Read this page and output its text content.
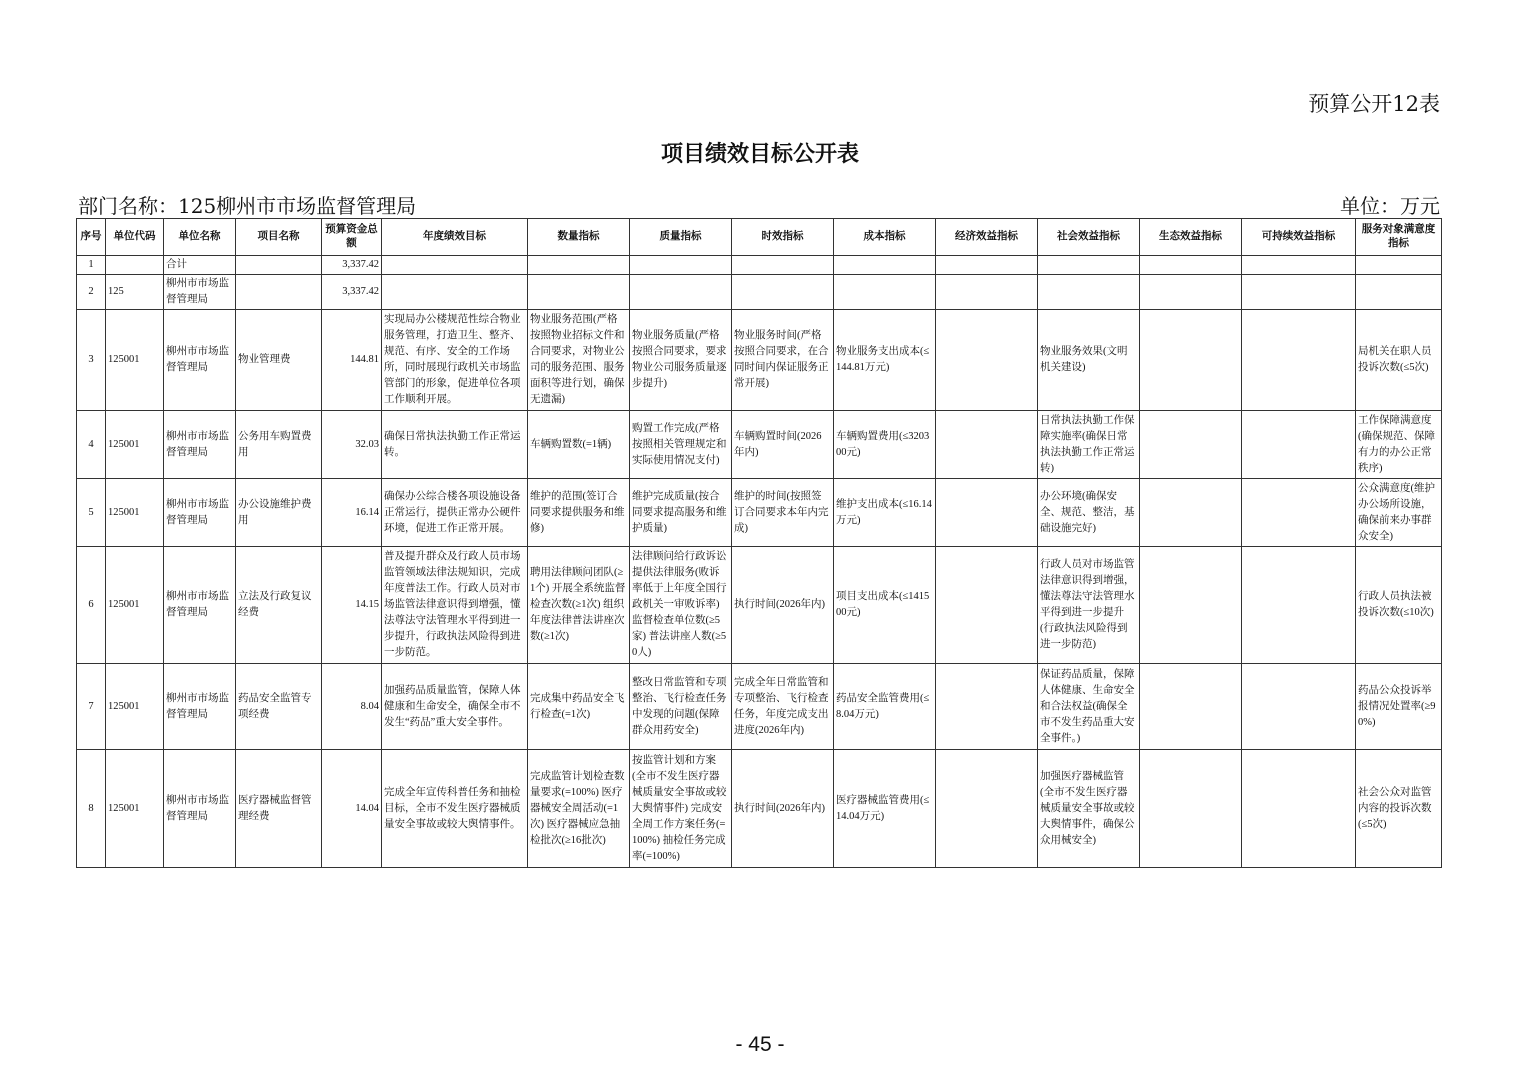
预算公开12表
项目绩效目标公开表
部门名称：125柳州市市场监督管理局	单位：万元
序号	单位代码	单位名称	项目名称	预算资金总额	年度绩效目标	数量指标	质量指标	时效指标	成本指标	经济效益指标	社会效益指标	生态效益指标	可持续效益指标	服务对象满意度指标
1		合计		3,337.42										
2	125	柳州市市场监督管理局		3,337.42										
3	125001	柳州市市场监督管理局	物业管理费	144.81	实现局办公楼规范性综合物业服务管理，打造卫生、整齐、规范、有序、安全的工作场所，同时展现行政机关市场监管部门的形象，促进单位各项工作顺利开展。	物业服务范围(严格按照物业招标文件和合同要求，对物业公司的服务范围、服务面积等进行划，确保无遗漏)	物业服务质量(严格按照合同要求，要求物业公司服务质量逐步提升)	物业服务时间(严格按照合同要求，在合同时间内保证服务正常开展)	物业服务支出成本(≤144.81万元)		物业服务效果(文明机关建设)			局机关在职人员投诉次数(≤5次)
4	125001	柳州市市场监督管理局	公务用车购置费用	32.03	确保日常执法执勤工作正常运转。	车辆购置数(=1辆)	购置工作完成(严格按照相关管理规定和实际使用情况支付)	车辆购置时间(2026年内)	车辆购置费用(≤320300元)		日常执法执勤工作保障实施率(确保日常执法执勤工作正常运转)			工作保障满意度(确保规范、保障有力的办公正常秩序)
5	125001	柳州市市场监督管理局	办公设施维护费用	16.14	确保办公综合楼各项设施设备正常运行，提供正常办公硬件环境，促进工作正常开展。	维护的范围(签订合同要求提供服务和维修)	维护完成质量(按合同要求提高服务和维护质量)	维护的时间(按照签订合同要求本年内完成)	维护支出成本(≤16.14万元)		办公环境(确保安全、规范、整洁，基础设施完好)			公众满意度(维护办公场所设施，确保前来办事群众安全)
6	125001	柳州市市场监督管理局	立法及行政复议经费	14.15	普及提升群众及行政人员市场监管领域法律法规知识，完成年度普法工作。行政人员对市场监管法律意识得到增强，懂法尊法守法管理水平得到进一步提升，行政执法风险得到进一步防范。	聘用法律顾问团队(≥1个) 开展全系统监督检查次数(≥1次) 组织年度法律普法讲座次数(≥1次)	法律顾问给行政诉讼提供法律服务(败诉率低于上年度全国行政机关一审败诉率) 监督检查单位数(≥5家) 普法讲座人数(≥50人)	执行时间(2026年内)	项目支出成本(≤141500元)		行政人员对市场监管法律意识得到增强，懂法尊法守法管理水平得到进一步提升(行政执法风险得到进一步防范)			行政人员执法被投诉次数(≤10次)
7	125001	柳州市市场监督管理局	药品安全监管专项经费	8.04	加强药品质量监管，保障人体健康和生命安全，确保全市不发生“药品”重大安全事件。	完成集中药品安全飞行检查(=1次)	整改日常监管和专项整治、飞行检查任务中发现的问题(保障群众用药安全)	完成全年日常监管和专项整治、飞行检查任务，年度完成支出进度(2026年内)	药品安全监管费用(≤8.04万元)		保证药品质量，保障人体健康、生命安全和合法权益(确保全市不发生药品重大安全事件。)			药品公众投诉举报情况处置率(≥90%)
8	125001	柳州市市场监督管理局	医疗器械监督管理经费	14.04	完成全年宣传科普任务和抽检目标，全市不发生医疗器械质量安全事故或较大舆情事件。	完成监管计划检查数量要求(=100%) 医疗器械安全周活动(=1次) 医疗器械应急抽检批次(≥16批次)	按监管计划和方案(全市不发生医疗器械质量安全事故或较大舆情事件) 完成安全周工作方案任务(=100%) 抽检任务完成率(=100%)	执行时间(2026年内)	医疗器械监管费用(≤14.04万元)		加强医疗器械监管(全市不发生医疗器械质量安全事故或较大舆情事件，确保公众用械安全)			社会公众对监管内容的投诉次数(≤5次)
- 45 -
